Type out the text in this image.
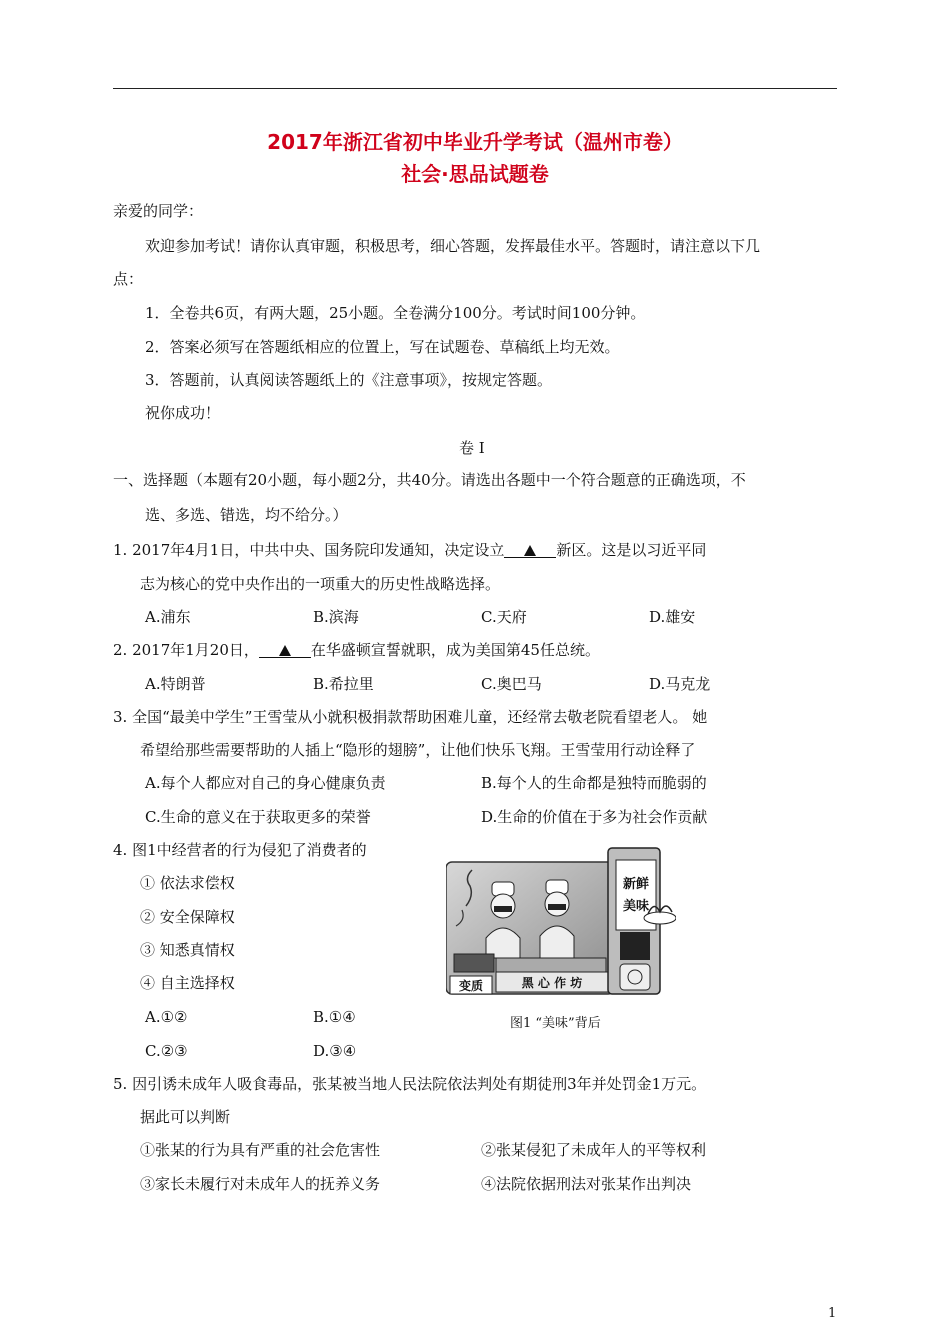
2017年浙江省初中毕业升学考试（温州市卷）
社会·思品试题卷
亲爱的同学：
欢迎参加考试！请你认真审题，积极思考，细心答题，发挥最佳水平。答题时，请注意以下几
点：
1．全卷共6页，有两大题，25小题。全卷满分100分。考试时间100分钟。
2．答案必须写在答题纸相应的位置上，写在试题卷、草稿纸上均无效。
3．答题前，认真阅读答题纸上的《注意事项》，按规定答题。
祝你成功！
卷 I
一、选择题（本题有20小题，每小题2分，共40分。请选出各题中一个符合题意的正确选项，不
选、多选、错选，均不给分。）
1. 2017年4月1日，中共中央、国务院印发通知，决定设立	新区。这是以习近平同
志为核心的党中央作出的一项重大的历史性战略选择。
A.浦东	B.滨海	C.天府	D.雄安
2. 2017年1月20日，	在华盛顿宣誓就职，成为美国第45任总统。
A.特朗普	B.希拉里	C.奥巴马	D.马克龙
3. 全国“最美中学生”王雪莹从小就积极捐款帮助困难儿童，还经常去敬老院看望老人。 她
希望给那些需要帮助的人插上“隐形的翅膀”，让他们快乐飞翔。王雪莹用行动诠释了
A.每个人都应对自己的身心健康负责	B.每个人的生命都是独特而脆弱的
C.生命的意义在于获取更多的荣誉	D.生命的价值在于多为社会作贡献
4. 图1中经营者的行为侵犯了消费者的
① 依法求偿权
② 安全保障权
③ 知悉真情权
④ 自主选择权
A.①②	B.①④
C.②③	D.③④
黑 心 作 坊
变质
新鲜
美味
图1 “美味”背后
5. 因引诱未成年人吸食毒品，张某被当地人民法院依法判处有期徒刑3年并处罚金1万元。
据此可以判断
①张某的行为具有严重的社会危害性	②张某侵犯了未成年人的平等权利
③家长未履行对未成年人的抚养义务	④法院依据刑法对张某作出判决
1
